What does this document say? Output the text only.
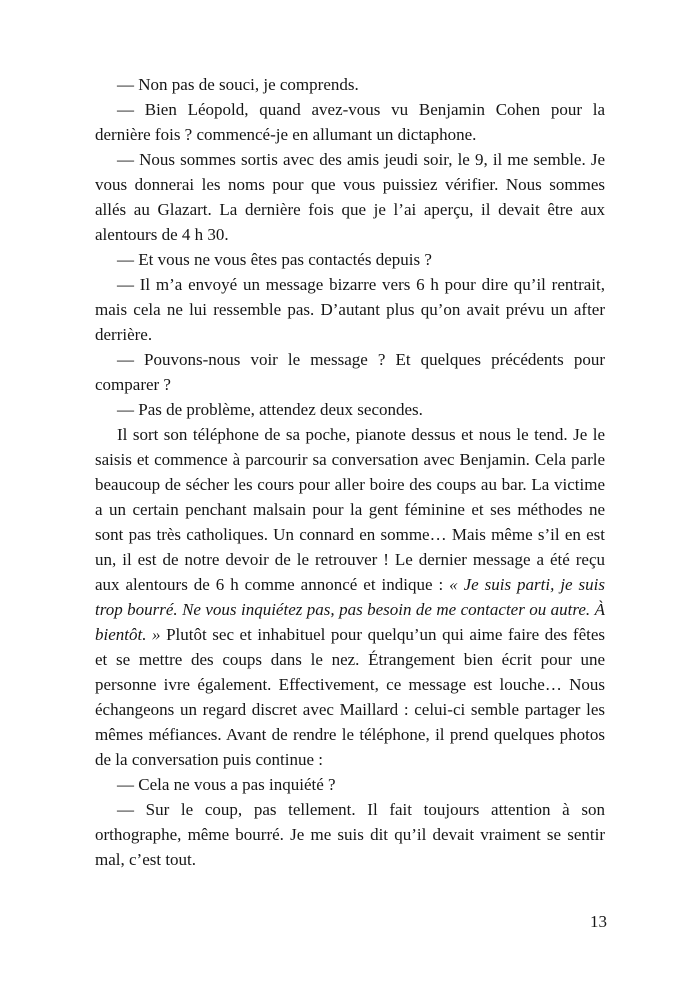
— Non pas de souci, je comprends.

— Bien Léopold, quand avez-vous vu Benjamin Cohen pour la dernière fois ? commencé-je en allumant un dictaphone.

— Nous sommes sortis avec des amis jeudi soir, le 9, il me semble. Je vous donnerai les noms pour que vous puissiez vérifier. Nous sommes allés au Glazart. La dernière fois que je l’ai aperçu, il devait être aux alentours de 4 h 30.

— Et vous ne vous êtes pas contactés depuis ?

— Il m’a envoyé un message bizarre vers 6 h pour dire qu’il rentrait, mais cela ne lui ressemble pas. D’autant plus qu’on avait prévu un after derrière.

— Pouvons-nous voir le message ? Et quelques précédents pour comparer ?

— Pas de problème, attendez deux secondes.

Il sort son téléphone de sa poche, pianote dessus et nous le tend. Je le saisis et commence à parcourir sa conversation avec Benjamin. Cela parle beaucoup de sécher les cours pour aller boire des coups au bar. La victime a un certain penchant malsain pour la gent féminine et ses méthodes ne sont pas très catholiques. Un connard en somme… Mais même s’il en est un, il est de notre devoir de le retrouver ! Le dernier message a été reçu aux alentours de 6 h comme annoncé et indique : « Je suis parti, je suis trop bourré. Ne vous inquiétez pas, pas besoin de me contacter ou autre. À bientôt. » Plutôt sec et inhabituel pour quelqu’un qui aime faire des fêtes et se mettre des coups dans le nez. Étrangement bien écrit pour une personne ivre également. Effectivement, ce message est louche… Nous échangeons un regard discret avec Maillard : celui-ci semble partager les mêmes méfiances. Avant de rendre le téléphone, il prend quelques photos de la conversation puis continue :

— Cela ne vous a pas inquiété ?

— Sur le coup, pas tellement. Il fait toujours attention à son orthographe, même bourré. Je me suis dit qu’il devait vraiment se sentir mal, c’est tout.

13
